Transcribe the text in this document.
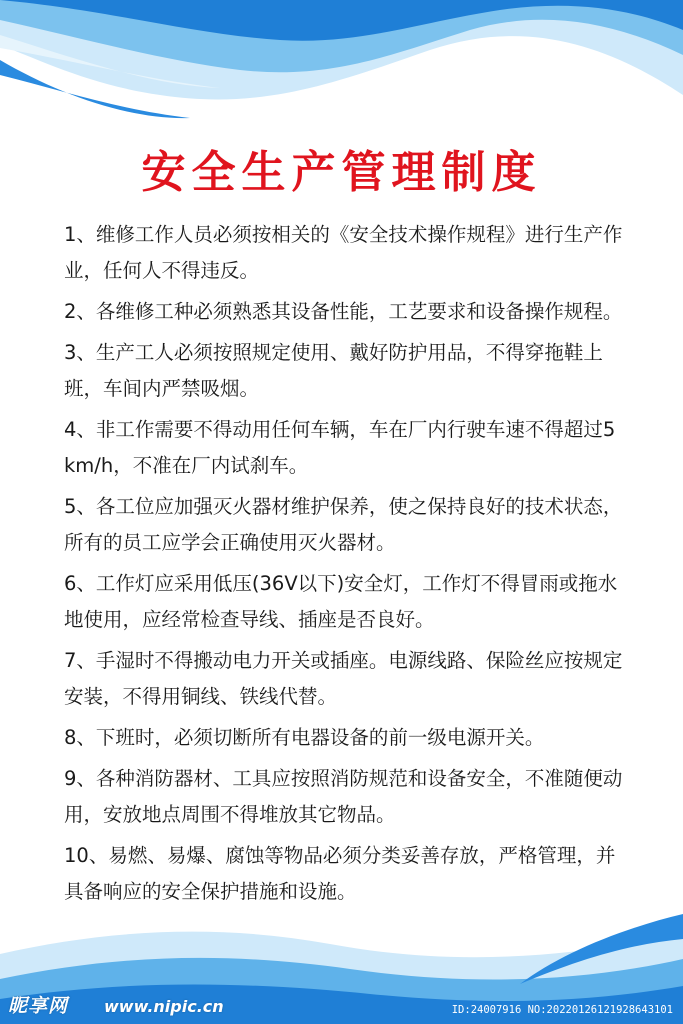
安全生产管理制度
1、维修工作人员必须按相关的《安全技术操作规程》进行生产作业，任何人不得违反。
2、各维修工种必须熟悉其设备性能，工艺要求和设备操作规程。
3、生产工人必须按照规定使用、戴好防护用品，不得穿拖鞋上班，车间内严禁吸烟。
4、非工作需要不得动用任何车辆，车在厂内行驶车速不得超过5km/h，不准在厂内试刹车。
5、各工位应加强灭火器材维护保养，使之保持良好的技术状态，所有的员工应学会正确使用灭火器材。
6、工作灯应采用低压(36V以下)安全灯，工作灯不得冒雨或拖水地使用，应经常检查导线、插座是否良好。
7、手湿时不得搬动电力开关或插座。电源线路、保险丝应按规定安装，不得用铜线、铁线代替。
8、下班时，必须切断所有电器设备的前一级电源开关。
9、各种消防器材、工具应按照消防规范和设备安全，不准随便动用，安放地点周围不得堆放其它物品。
10、易燃、易爆、腐蚀等物品必须分类妥善存放，严格管理，并具备响应的安全保护措施和设施。
昵享网 www.nipic.cn	ID:24007916 NO:20220126121928643101
